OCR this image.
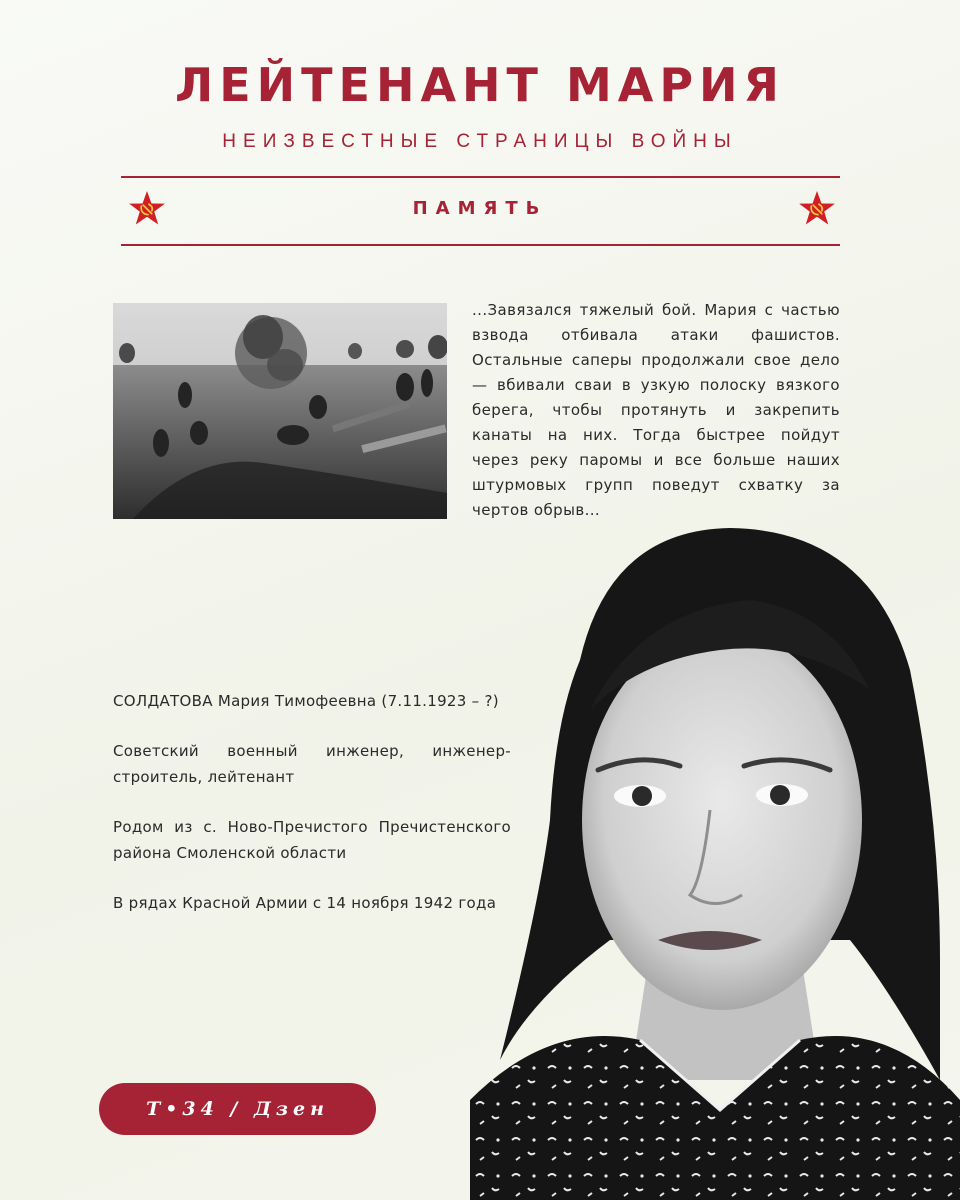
ЛЕЙТЕНАНТ МАРИЯ
НЕИЗВЕСТНЫЕ СТРАНИЦЫ ВОЙНЫ
ПАМЯТЬ

...Завязался тяжелый бой. Мария с частью взвода отбивала атаки фашистов. Остальные саперы продолжали свое дело — вбивали сваи в узкую полоску вязкого берега, чтобы протянуть и закрепить канаты на них. Тогда быстрее пойдут через реку паромы и все больше наших штурмовых групп поведут схватку за чертов обрыв...

СОЛДАТОВА Мария Тимофеевна (7.11.1923 – ?)

Советский военный инженер, инженер-строитель, лейтенант

Родом из с. Ново-Пречистого Пречистенского района Смоленской области

В рядах Красной Армии с 14 ноября 1942 года

Т•34 / Дзен
